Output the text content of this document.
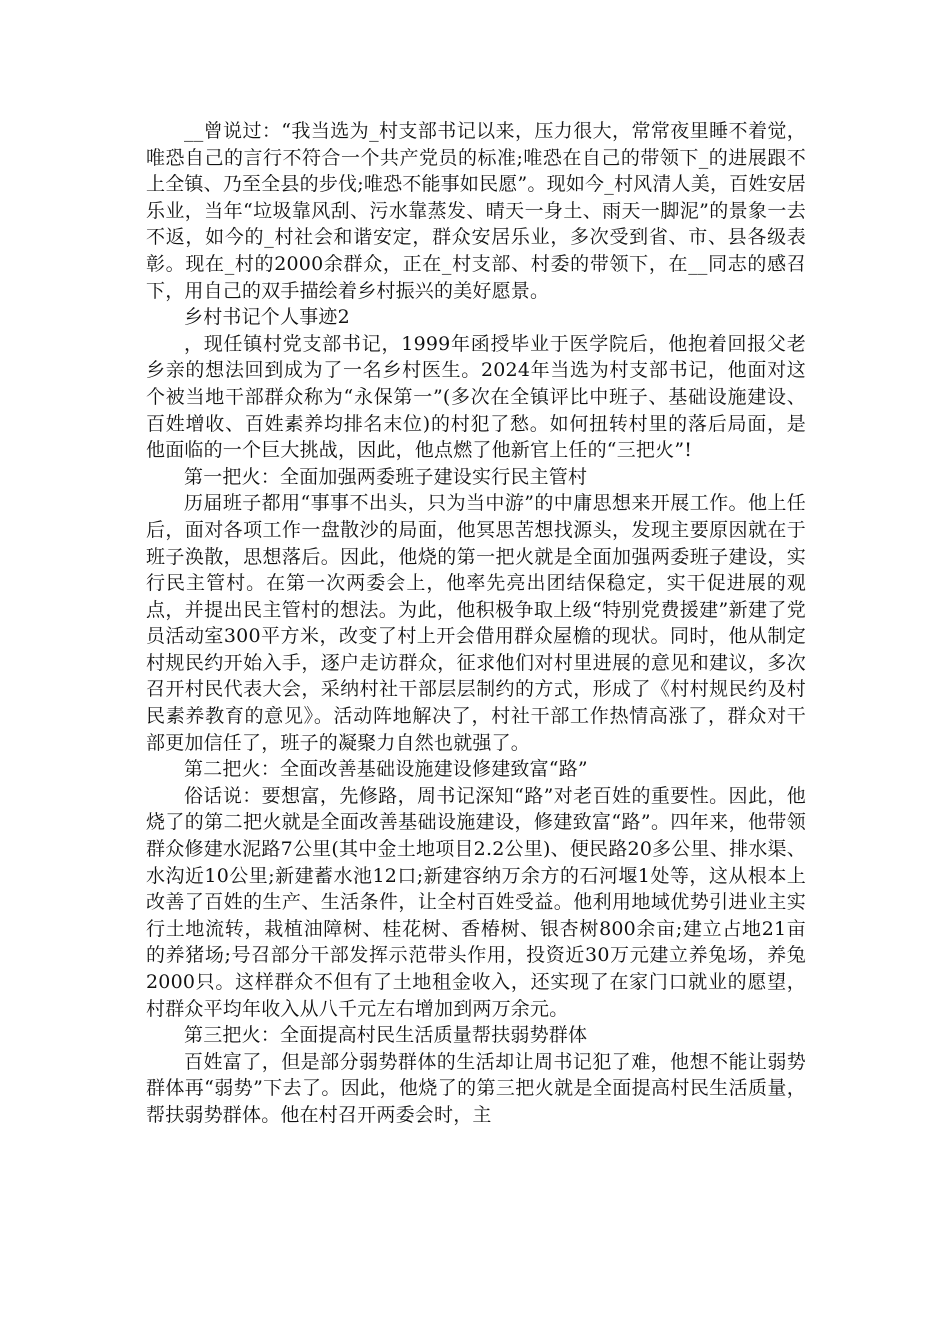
__曾说过：“我当选为_村支部书记以来，压力很大，常常夜里睡不着觉，唯恐自己的言行不符合一个共产党员的标准;唯恐在自己的带领下_的进展跟不上全镇、乃至全县的步伐;唯恐不能事如民愿”。现如今_村风清人美，百姓安居乐业，当年“垃圾靠风刮、污水靠蒸发、晴天一身土、雨天一脚泥”的景象一去不返，如今的_村社会和谐安定，群众安居乐业，多次受到省、市、县各级表彰。现在_村的2000余群众，正在_村支部、村委的带领下，在__同志的感召下，用自己的双手描绘着乡村振兴的美好愿景。

乡村书记个人事迹2

，现任镇村党支部书记，1999年函授毕业于医学院后，他抱着回报父老乡亲的想法回到成为了一名乡村医生。2024年当选为村支部书记，他面对这个被当地干部群众称为“永保第一”(多次在全镇评比中班子、基础设施建设、百姓增收、百姓素养均排名末位)的村犯了愁。如何扭转村里的落后局面，是他面临的一个巨大挑战，因此，他点燃了他新官上任的“三把火”!

第一把火：全面加强两委班子建设实行民主管村

历届班子都用“事事不出头，只为当中游”的中庸思想来开展工作。他上任后，面对各项工作一盘散沙的局面，他冥思苦想找源头，发现主要原因就在于班子涣散，思想落后。因此，他烧的第一把火就是全面加强两委班子建设，实行民主管村。在第一次两委会上，他率先亮出团结保稳定，实干促进展的观点，并提出民主管村的想法。为此，他积极争取上级“特别党费援建”新建了党员活动室300平方米，改变了村上开会借用群众屋檐的现状。同时，他从制定村规民约开始入手，逐户走访群众，征求他们对村里进展的意见和建议，多次召开村民代表大会，采纳村社干部层层制约的方式，形成了《村村规民约及村民素养教育的意见》。活动阵地解决了，村社干部工作热情高涨了，群众对干部更加信任了，班子的凝聚力自然也就强了。

第二把火：全面改善基础设施建设修建致富“路”

俗话说：要想富，先修路，周书记深知“路”对老百姓的重要性。因此，他烧了的第二把火就是全面改善基础设施建设，修建致富“路”。四年来，他带领群众修建水泥路7公里(其中金土地项目2.2公里)、便民路20多公里、排水渠、水沟近10公里;新建蓄水池12口;新建容纳万余方的石河堰1处等，这从根本上改善了百姓的生产、生活条件，让全村百姓受益。他利用地域优势引进业主实行土地流转，栽植油障树、桂花树、香椿树、银杏树800余亩;建立占地21亩的养猪场;号召部分干部发挥示范带头作用，投资近30万元建立养兔场，养兔2000只。这样群众不但有了土地租金收入，还实现了在家门口就业的愿望，村群众平均年收入从八千元左右增加到两万余元。

第三把火：全面提高村民生活质量帮扶弱势群体

百姓富了，但是部分弱势群体的生活却让周书记犯了难，他想不能让弱势群体再“弱势”下去了。因此，他烧了的第三把火就是全面提高村民生活质量，帮扶弱势群体。他在村召开两委会时，主
